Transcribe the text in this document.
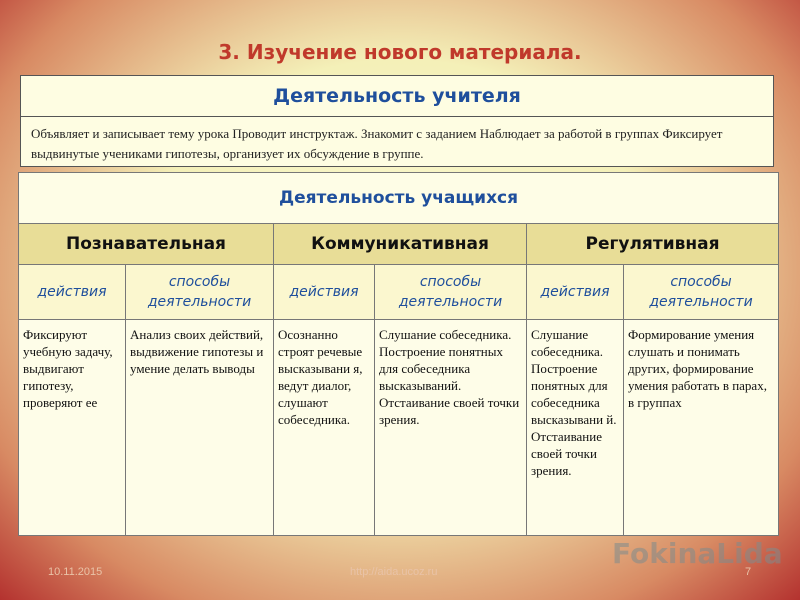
3. Изучение нового материала.
Деятельность учителя
Объявляет и записывает тему урока Проводит инструктаж. Знакомит с заданием Наблюдает за работой в группах Фиксирует выдвинутые учениками гипотезы, организует их обсуждение в группе.
Деятельность учащихся					
Познавательная		Коммуникативная		Регулятивная	
действия	способы деятельности	действия	способы деятельности	действия	способы деятельности
Фиксируют учебную задачу, выдвигают гипотезу, проверяют ее	Анализ своих действий, выдвижение гипотезы и умение делать выводы	Осознанно строят речевые высказывани я, ведут диалог, слушают собеседника.	Слушание собеседника. Построение понятных для собеседника высказываний. Отстаивание своей точки зрения.	Слушание собеседника. Построение понятных для собеседника высказывани й. Отстаивание своей точки зрения.	Формирование умения слушать и понимать других, формирование умения работать в парах, в группах
FokinaLida
10.11.2015	http://aida.ucoz.ru	7
